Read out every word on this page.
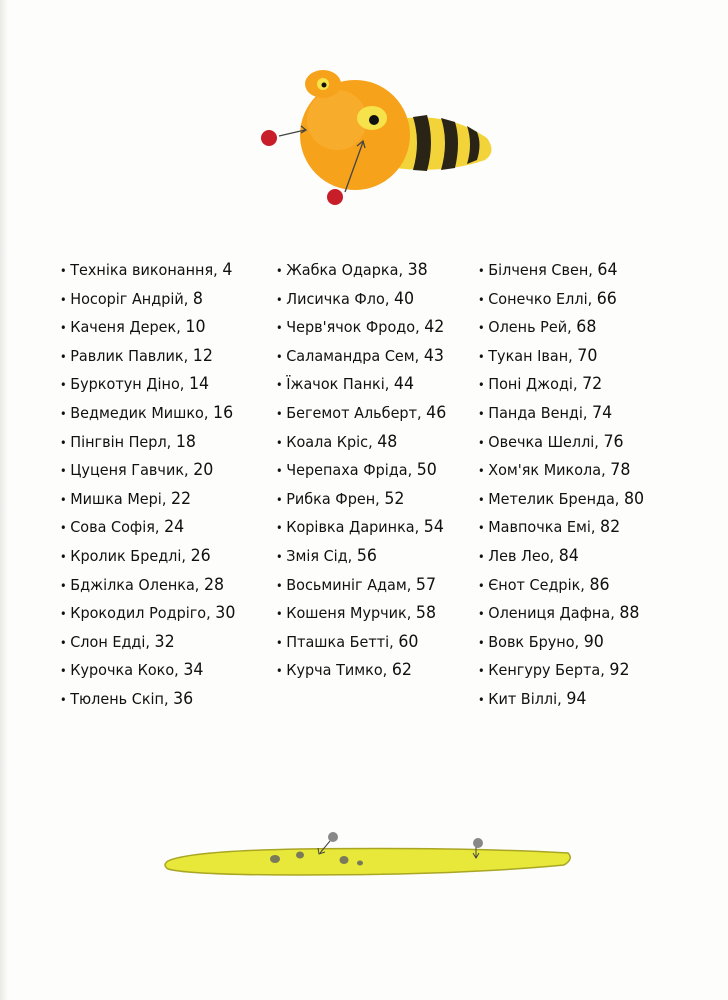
• Техніка виконання, 4
• Носоріг Андрій, 8
• Каченя Дерек, 10
• Равлик Павлик, 12
• Буркотун Діно, 14
• Ведмедик Мишко, 16
• Пінгвін Перл, 18
• Цуценя Гавчик, 20
• Мишка Мері, 22
• Сова Софія, 24
• Кролик Бредлі, 26
• Бджілка Оленка, 28
• Крокодил Родрігo, 30
• Слон Едді, 32
• Курочка Коко, 34
• Тюлень Скіп, 36
• Жабка Одарка, 38
• Лисичка Фло, 40
• Черв'ячок Фродо, 42
• Саламандра Сем, 43
• Їжачок Панкі, 44
• Бегемот Альберт, 46
• Коала Кріс, 48
• Черепаха Фріда, 50
• Рибка Френ, 52
• Корівка Даринка, 54
• Змія Сід, 56
• Восьминіг Адам, 57
• Кошеня Мурчик, 58
• Пташка Бетті, 60
• Курча Тимко, 62
• Білченя Свен, 64
• Сонечко Еллі, 66
• Олень Рей, 68
• Тукан Іван, 70
• Поні Джоді, 72
• Панда Венді, 74
• Овечка Шеллі, 76
• Хом'як Микола, 78
• Метелик Бренда, 80
• Мавпочка Емі, 82
• Лев Лео, 84
• Єнот Седрік, 86
• Олениця Дафна, 88
• Вовк Бруно, 90
• Кенгуру Берта, 92
• Кит Віллі, 94
